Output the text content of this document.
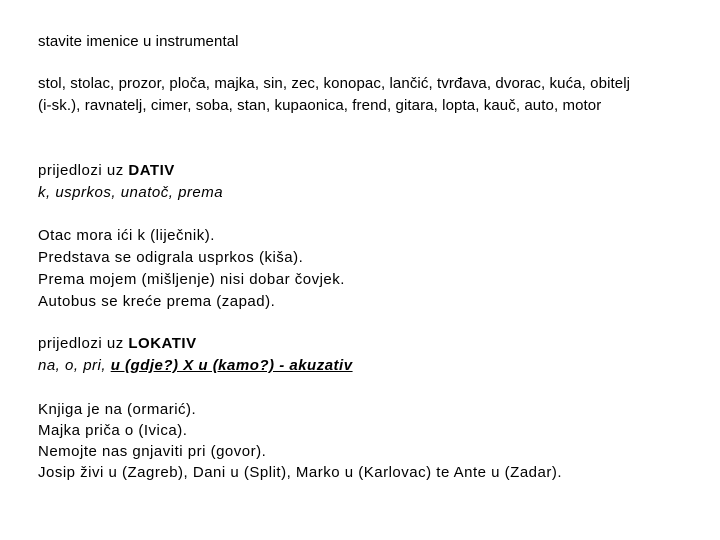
stavite imenice u instrumental
stol, stolac, prozor, ploča, majka, sin, zec, konopac, lančić, tvrđava, dvorac, kuća, obitelj
(i-sk.), ravnatelj, cimer, soba, stan, kupaonica, frend, gitara, lopta, kauč, auto, motor
prijedlozi uz DATIV
k, usprkos, unatoč, prema
Otac mora ići k (liječnik).
Predstava se odigrala usprkos (kiša).
Prema mojem (mišljenje) nisi dobar čovjek.
Autobus se kreće prema (zapad).
prijedlozi uz LOKATIV
na, o, pri, u (gdje?) X u (kamo?) - akuzativ
Knjiga je na (ormarić).
Majka priča o (Ivica).
Nemojte nas gnjaviti pri (govor).
Josip živi u (Zagreb), Dani u (Split), Marko u (Karlovac) te Ante u (Zadar).
